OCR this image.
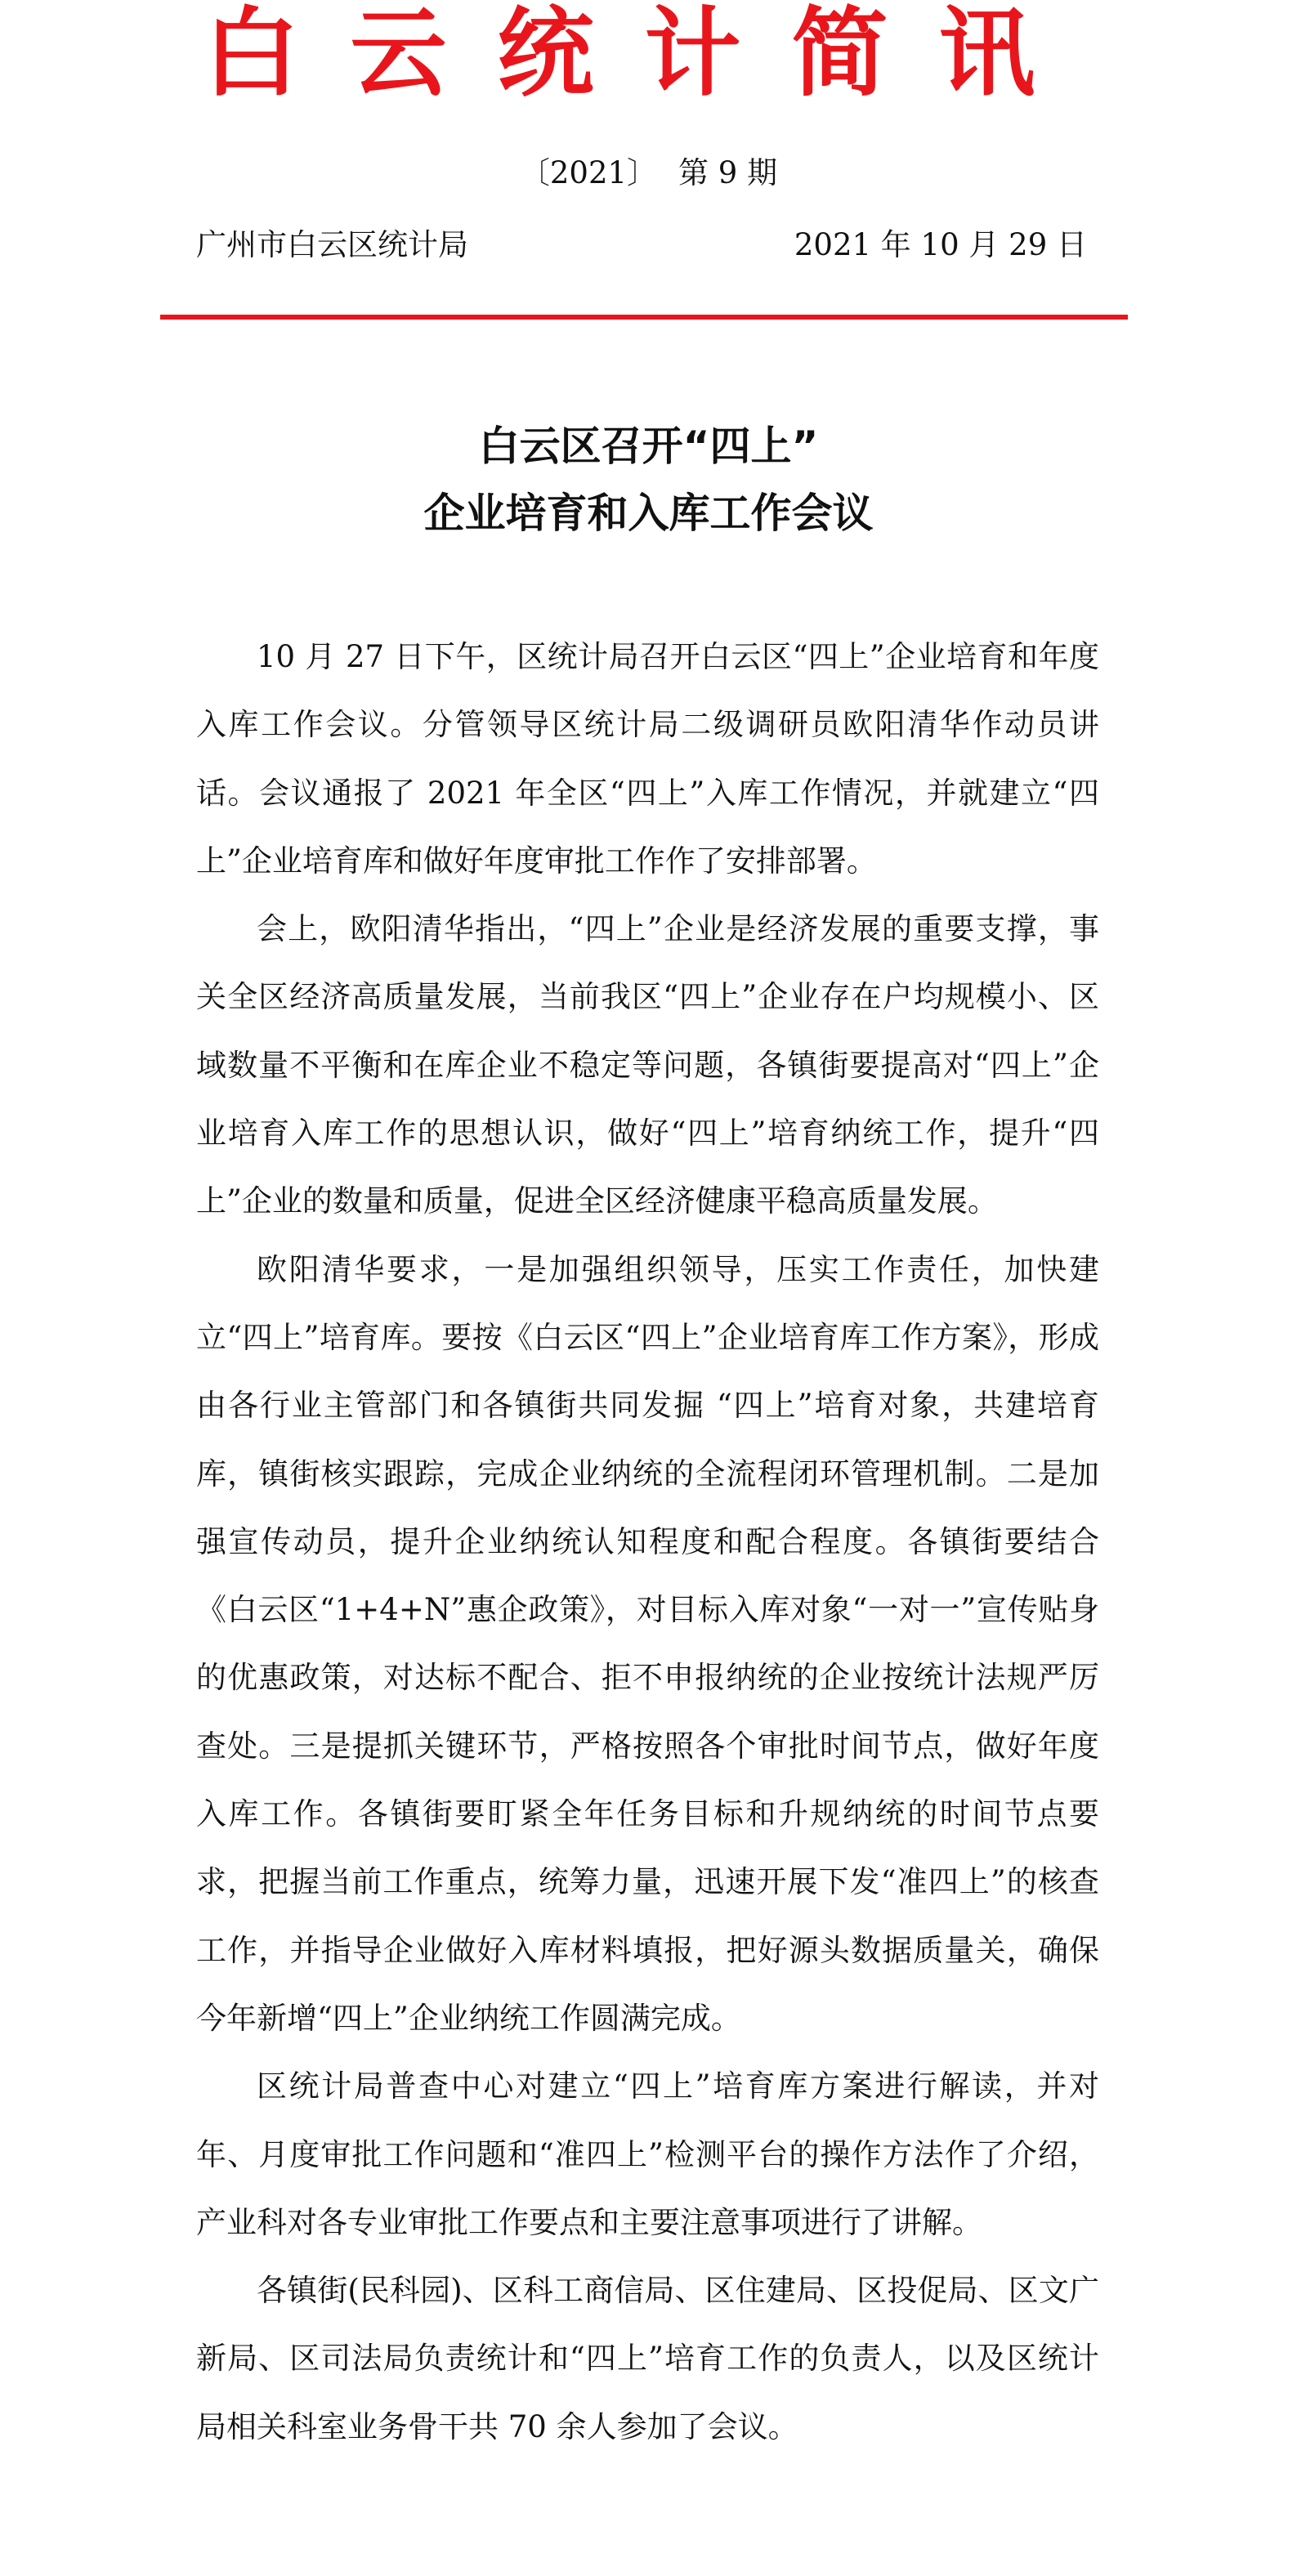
白云统计简讯
〔2021〕 第 9 期
广州市白云区统计局	2021 年 10 月 29 日
白云区召开“四上”
企业培育和入库工作会议

10 月 27 日下午，区统计局召开白云区“四上”企业培育和年度入库工作会议。分管领导区统计局二级调研员欧阳清华作动员讲话。会议通报了 2021 年全区“四上”入库工作情况，并就建立“四上”企业培育库和做好年度审批工作作了安排部署。

会上，欧阳清华指出，“四上”企业是经济发展的重要支撑，事关全区经济高质量发展，当前我区“四上”企业存在户均规模小、区域数量不平衡和在库企业不稳定等问题，各镇街要提高对“四上”企业培育入库工作的思想认识，做好“四上”培育纳统工作，提升“四上”企业的数量和质量，促进全区经济健康平稳高质量发展。

欧阳清华要求，一是加强组织领导，压实工作责任，加快建立“四上”培育库。要按《白云区“四上”企业培育库工作方案》，形成由各行业主管部门和各镇街共同发掘 “四上”培育对象，共建培育库，镇街核实跟踪，完成企业纳统的全流程闭环管理机制。二是加强宣传动员，提升企业纳统认知程度和配合程度。各镇街要结合《白云区“1+4+N”惠企政策》，对目标入库对象“一对一”宣传贴身的优惠政策，对达标不配合、拒不申报纳统的企业按统计法规严厉查处。三是提抓关键环节，严格按照各个审批时间节点，做好年度入库工作。各镇街要盯紧全年任务目标和升规纳统的时间节点要求，把握当前工作重点，统筹力量，迅速开展下发“准四上”的核查工作，并指导企业做好入库材料填报，把好源头数据质量关，确保今年新增“四上”企业纳统工作圆满完成。

区统计局普查中心对建立“四上”培育库方案进行解读，并对年、月度审批工作问题和“准四上”检测平台的操作方法作了介绍，产业科对各专业审批工作要点和主要注意事项进行了讲解。

各镇街(民科园)、区科工商信局、区住建局、区投促局、区文广新局、区司法局负责统计和“四上”培育工作的负责人，以及区统计局相关科室业务骨干共 70 余人参加了会议。
